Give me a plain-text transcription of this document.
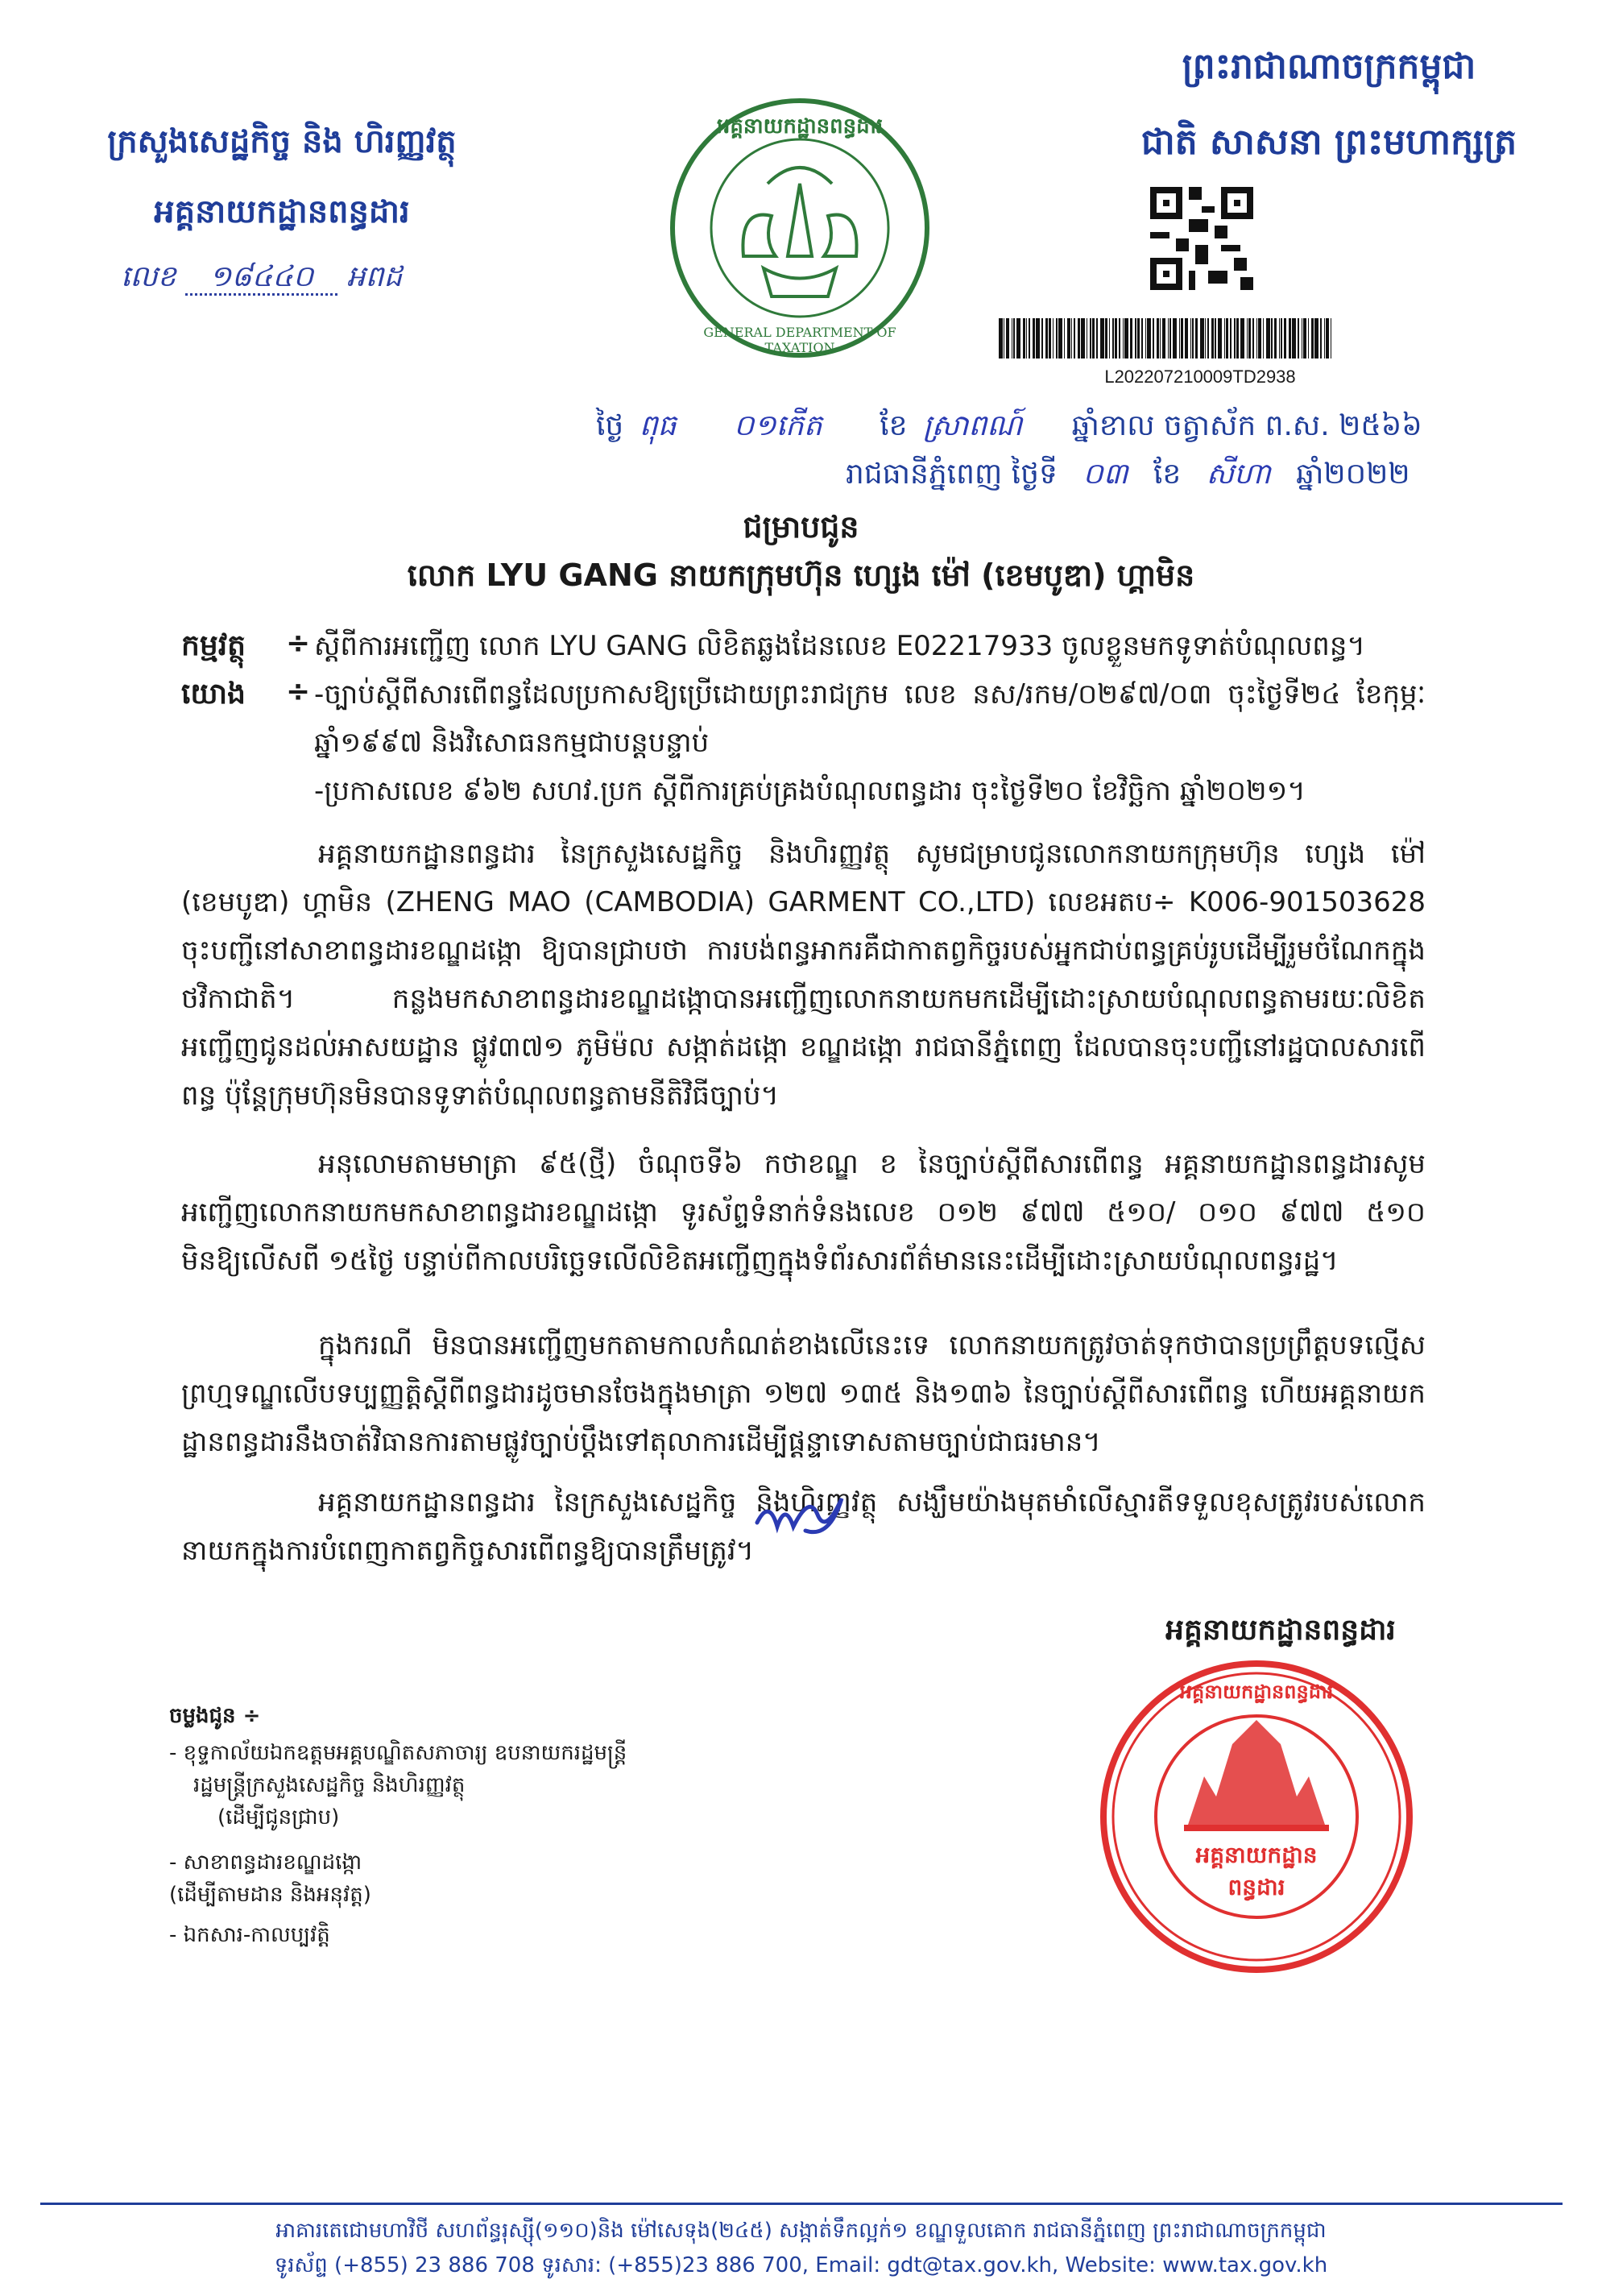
ក្រសួងសេដ្ឋកិច្ច និង ហិរញ្ញវត្ថុ
អគ្គនាយកដ្ឋានពន្ធដារ
លេខ ១៨៤៤០ អពដ
អគ្គនាយកដ្ឋានពន្ធដារ
GENERAL DEPARTMENT OF TAXATION
ព្រះរាជាណាចក្រកម្ពុជា
ជាតិ សាសនា ព្រះមហាក្សត្រ
L202207210009TD2938
ថ្ងៃ ពុធ ០១កើត ខែ ស្រាពណ៍ ឆ្នាំខាល ចត្វាស័ក ព.ស. ២៥៦៦
រាជធានីភ្នំពេញ ថ្ងៃទី ០៣ ខែ សីហា ឆ្នាំ២០២២
ជម្រាបជូន
លោក LYU GANG នាយកក្រុមហ៊ុន ហ្សេង ម៉ៅ (ខេមបូឌា) ហ្គាមិន
កម្មវត្ថុ ÷ ស្តីពីការអញ្ជើញ លោក LYU GANG លិខិតឆ្លងដែនលេខ E02217933 ចូលខ្លួនមកទូទាត់បំណុលពន្ធ។
យោង ÷ -ច្បាប់ស្តីពីសារពើពន្ធដែលប្រកាសឱ្យប្រើដោយព្រះរាជក្រម លេខ នស/រកម/០២៩៧/០៣ ចុះថ្ងៃទី២៤ ខែកុម្ភៈ ឆ្នាំ១៩៩៧ និងវិសោធនកម្មជាបន្តបន្ទាប់
-ប្រកាសលេខ ៩៦២ សហវ.ប្រក ស្តីពីការគ្រប់គ្រងបំណុលពន្ធដារ ចុះថ្ងៃទី២០ ខែវិច្ឆិកា ឆ្នាំ២០២១។
អគ្គនាយកដ្ឋានពន្ធដារ នៃក្រសួងសេដ្ឋកិច្ច និងហិរញ្ញវត្ថុ សូមជម្រាបជូនលោកនាយកក្រុមហ៊ុន ហ្សេង ម៉ៅ (ខេមបូឌា) ហ្គាមិន (ZHENG MAO (CAMBODIA) GARMENT CO.,LTD) លេខអតប÷ K006-901503628 ចុះបញ្ជីនៅសាខាពន្ធដារខណ្ឌដង្កោ ឱ្យបានជ្រាបថា ការបង់ពន្ធអាករគឺជាកាតព្វកិច្ចរបស់អ្នកជាប់ពន្ធគ្រប់រូបដើម្បីរួមចំណែកក្នុងថវិកាជាតិ។ កន្លងមកសាខាពន្ធដារខណ្ឌដង្កោបានអញ្ជើញលោកនាយកមកដើម្បីដោះស្រាយបំណុលពន្ធតាមរយៈលិខិតអញ្ជើញជូនដល់អាសយដ្ឋាន ផ្លូវ៣៧១ ភូមិម៉ល សង្កាត់ដង្កោ ខណ្ឌដង្កោ រាជធានីភ្នំពេញ ដែលបានចុះបញ្ជីនៅរដ្ឋបាលសារពើពន្ធ ប៉ុន្តែក្រុមហ៊ុនមិនបានទូទាត់បំណុលពន្ធតាមនីតិវិធីច្បាប់។
អនុលោមតាមមាត្រា ៩៥(ថ្មី) ចំណុចទី៦ កថាខណ្ឌ ខ នៃច្បាប់ស្តីពីសារពើពន្ធ អគ្គនាយកដ្ឋានពន្ធដារសូមអញ្ជើញលោកនាយកមកសាខាពន្ធដារខណ្ឌដង្កោ ទូរស័ព្ទទំនាក់ទំនងលេខ ០១២ ៩៧៧ ៥១០/ ០១០ ៩៧៧ ៥១០ មិនឱ្យលើសពី ១៥ថ្ងៃ បន្ទាប់ពីកាលបរិច្ឆេទលើលិខិតអញ្ជើញក្នុងទំព័រសារព័ត៌មាននេះដើម្បីដោះស្រាយបំណុលពន្ធរដ្ឋ។
ក្នុងករណី មិនបានអញ្ជើញមកតាមកាលកំណត់ខាងលើនេះទេ លោកនាយកត្រូវចាត់ទុកថាបានប្រព្រឹត្តបទល្មើសព្រហ្មទណ្ឌលើបទប្បញ្ញត្តិស្តីពីពន្ធដារដូចមានចែងក្នុងមាត្រា ១២៧ ១៣៥ និង១៣៦ នៃច្បាប់ស្តីពីសារពើពន្ធ ហើយអគ្គនាយកដ្ឋានពន្ធដារនឹងចាត់វិធានការតាមផ្លូវច្បាប់ប្តឹងទៅតុលាការដើម្បីផ្តន្ទាទោសតាមច្បាប់ជាធរមាន។
អគ្គនាយកដ្ឋានពន្ធដារ នៃក្រសួងសេដ្ឋកិច្ច និងហិរញ្ញវត្ថុ សង្ឃឹមយ៉ាងមុតមាំលើស្មារតីទទួលខុសត្រូវរបស់លោកនាយកក្នុងការបំពេញកាតព្វកិច្ចសារពើពន្ធឱ្យបានត្រឹមត្រូវ។
អគ្គនាយកដ្ឋានពន្ធដារ
អគ្គនាយកដ្ឋានពន្ធដារ
អគ្គនាយកដ្ឋាន ពន្ធដារ
ចម្លងជូន ÷
- ខុទ្ទកាល័យឯកឧត្តមអគ្គបណ្ឌិតសភាចារ្យ ឧបនាយករដ្ឋមន្ត្រី
រដ្ឋមន្ត្រីក្រសួងសេដ្ឋកិច្ច និងហិរញ្ញវត្ថុ
(ដើម្បីជូនជ្រាប)
- សាខាពន្ធដារខណ្ឌដង្កោ
(ដើម្បីតាមដាន និងអនុវត្ត)
- ឯកសារ-កាលប្បវត្តិ
អាគារតេជោមហាវិថី សហព័ន្ធរុស្ស៊ី(១១០)និង ម៉ៅសេទុង(២៤៥) សង្កាត់ទឹកល្អក់១ ខណ្ឌទួលគោក រាជធានីភ្នំពេញ ព្រះរាជាណាចក្រកម្ពុជា
ទូរស័ព្ទ (+855) 23 886 708 ទូរសារ: (+855)23 886 700, Email: gdt@tax.gov.kh, Website: www.tax.gov.kh
